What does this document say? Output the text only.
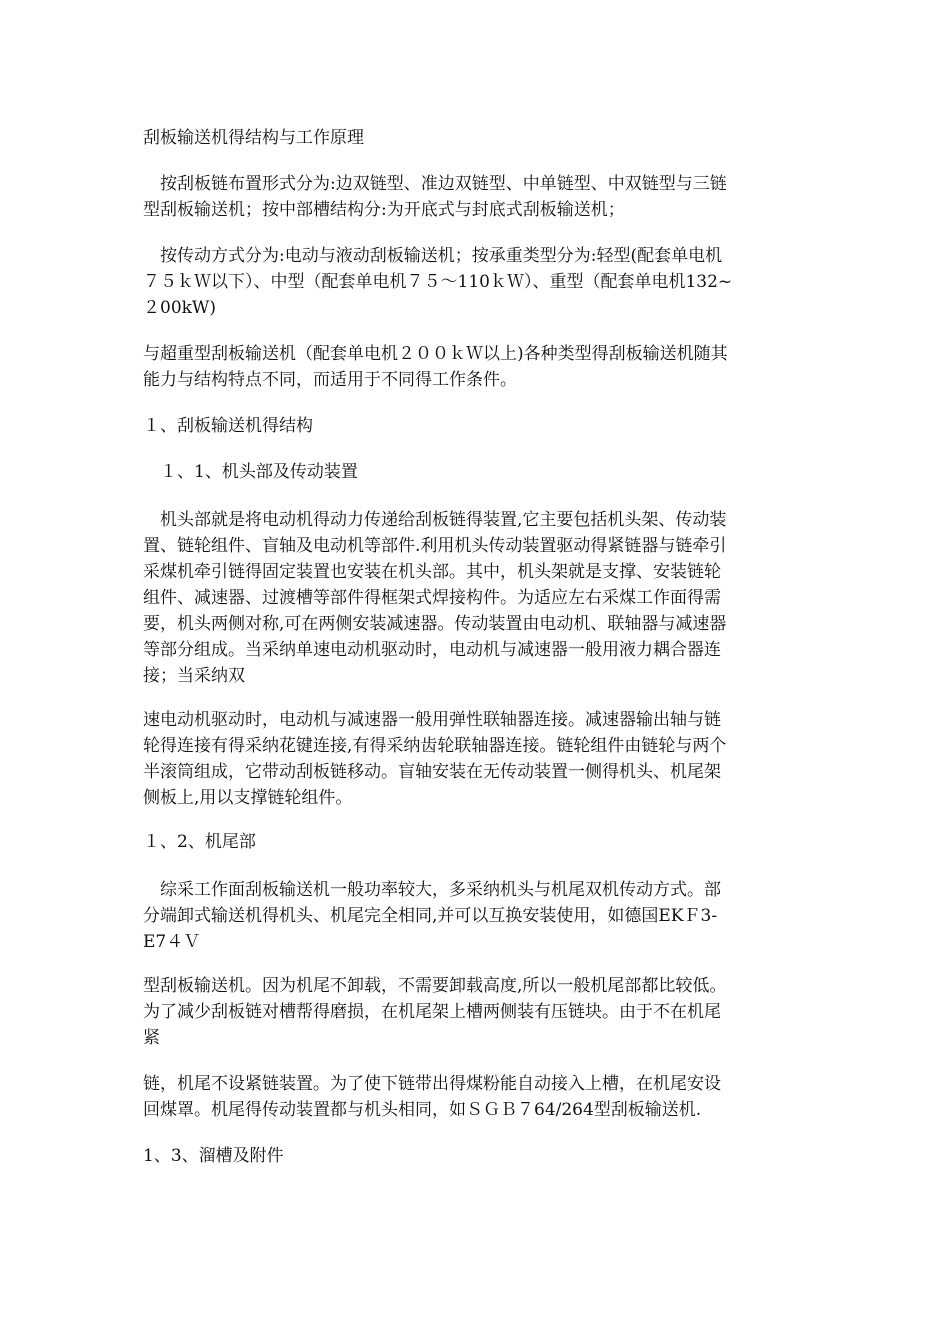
刮板输送机得结构与工作原理
　按刮板链布置形式分为:边双链型、准边双链型、中单链型、中双链型与三链
型刮板输送机；按中部槽结构分:为开底式与封底式刮板输送机；
　按传动方式分为:电动与液动刮板输送机；按承重类型分为:轻型(配套单电机
７５ｋＷ以下）、中型（配套单电机７５～110ｋＷ）、重型（配套单电机132~
２00kW)
与超重型刮板输送机（配套单电机２００ｋＷ以上)各种类型得刮板输送机随其
能力与结构特点不同，而适用于不同得工作条件。
１、刮板输送机得结构
　１、1、机头部及传动装置
　机头部就是将电动机得动力传递给刮板链得装置,它主要包括机头架、传动装
置、链轮组件、盲轴及电动机等部件.利用机头传动装置驱动得紧链器与链牵引
采煤机牵引链得固定装置也安装在机头部。其中，机头架就是支撑、安装链轮
组件、减速器、过渡槽等部件得框架式焊接构件。为适应左右采煤工作面得需
要，机头两侧对称,可在两侧安装减速器。传动装置由电动机、联轴器与减速器
等部分组成。当采纳单速电动机驱动时，电动机与减速器一般用液力耦合器连
接；当采纳双
速电动机驱动时，电动机与减速器一般用弹性联轴器连接。减速器输出轴与链
轮得连接有得采纳花键连接,有得采纳齿轮联轴器连接。链轮组件由链轮与两个
半滚筒组成，它带动刮板链移动。盲轴安装在无传动装置一侧得机头、机尾架
侧板上,用以支撑链轮组件。
１、2、机尾部
　综采工作面刮板输送机一般功率较大，多采纳机头与机尾双机传动方式。部
分端卸式输送机得机头、机尾完全相同,并可以互换安装使用，如德国EKＦ3-
E7４Ｖ
型刮板输送机。因为机尾不卸载，不需要卸载高度,所以一般机尾部都比较低。
为了减少刮板链对槽帮得磨损，在机尾架上槽两侧装有压链块。由于不在机尾
紧
链，机尾不设紧链装置。为了使下链带出得煤粉能自动接入上槽，在机尾安设
回煤罩。机尾得传动装置都与机头相同，如ＳＧＢ７64/264型刮板输送机.
1、3、溜槽及附件
